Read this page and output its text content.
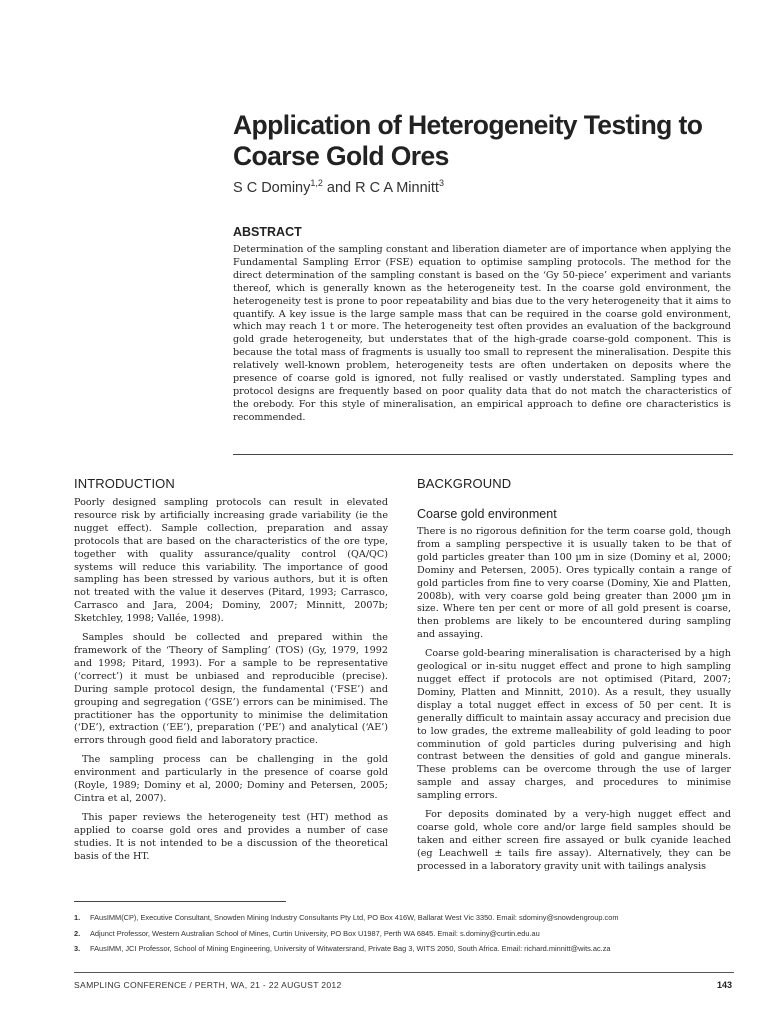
Application of Heterogeneity Testing to Coarse Gold Ores
S C Dominy$^{1,2}$ and R C A Minnitt$^3$
ABSTRACT
Determination of the sampling constant and liberation diameter are of importance when applying the Fundamental Sampling Error (FSE) equation to optimise sampling protocols. The method for the direct determination of the sampling constant is based on the ‘Gy 50-piece’ experiment and variants thereof, which is generally known as the heterogeneity test. In the coarse gold environment, the heterogeneity test is prone to poor repeatability and bias due to the very heterogeneity that it aims to quantify. A key issue is the large sample mass that can be required in the coarse gold environment, which may reach 1 t or more. The heterogeneity test often provides an evaluation of the background gold grade heterogeneity, but understates that of the high-grade coarse-gold component. This is because the total mass of fragments is usually too small to represent the mineralisation. Despite this relatively well-known problem, heterogeneity tests are often undertaken on deposits where the presence of coarse gold is ignored, not fully realised or vastly understated. Sampling types and protocol designs are frequently based on poor quality data that do not match the characteristics of the orebody. For this style of mineralisation, an empirical approach to define ore characteristics is recommended.
INTRODUCTION

Poorly designed sampling protocols can result in elevated resource risk by artificially increasing grade variability (ie the nugget effect). Sample collection, preparation and assay protocols that are based on the characteristics of the ore type, together with quality assurance/quality control (QA/QC) systems will reduce this variability. The importance of good sampling has been stressed by various authors, but it is often not treated with the value it deserves (Pitard, 1993; Carrasco, Carrasco and Jara, 2004; Dominy, 2007; Minnitt, 2007b; Sketchley, 1998; Vallée, 1998).

Samples should be collected and prepared within the framework of the ‘Theory of Sampling’ (TOS) (Gy, 1979, 1992 and 1998; Pitard, 1993). For a sample to be representative (‘correct’) it must be unbiased and reproducible (precise). During sample protocol design, the fundamental (‘FSE’) and grouping and segregation (‘GSE’) errors can be minimised. The practitioner has the opportunity to minimise the delimitation (‘DE’), extraction (‘EE’), preparation (‘PE’) and analytical (‘AE’) errors through good field and laboratory practice.

The sampling process can be challenging in the gold environment and particularly in the presence of coarse gold (Royle, 1989; Dominy et al, 2000; Dominy and Petersen, 2005; Cintra et al, 2007).

This paper reviews the heterogeneity test (HT) method as applied to coarse gold ores and provides a number of case studies. It is not intended to be a discussion of the theoretical basis of the HT.

BACKGROUND
Coarse gold environment

There is no rigorous definition for the term coarse gold, though from a sampling perspective it is usually taken to be that of gold particles greater than 100 µm in size (Dominy et al, 2000; Dominy and Petersen, 2005). Ores typically contain a range of gold particles from fine to very coarse (Dominy, Xie and Platten, 2008b), with very coarse gold being greater than 2000 µm in size. Where ten per cent or more of all gold present is coarse, then problems are likely to be encountered during sampling and assaying.

Coarse gold-bearing mineralisation is characterised by a high geological or in-situ nugget effect and prone to high sampling nugget effect if protocols are not optimised (Pitard, 2007; Dominy, Platten and Minnitt, 2010). As a result, they usually display a total nugget effect in excess of 50 per cent. It is generally difficult to maintain assay accuracy and precision due to low grades, the extreme malleability of gold leading to poor comminution of gold particles during pulverising and high contrast between the densities of gold and gangue minerals. These problems can be overcome through the use of larger sample and assay charges, and procedures to minimise sampling errors.

For deposits dominated by a very-high nugget effect and coarse gold, whole core and/or large field samples should be taken and either screen fire assayed or bulk cyanide leached (eg Leachwell ± tails fire assay). Alternatively, they can be processed in a laboratory gravity unit with tailings analysis

1.	FAusIMM(CP), Executive Consultant, Snowden Mining Industry Consultants Pty Ltd, PO Box 416W, Ballarat West Vic 3350. Email: sdominy@snowdengroup.com
2.	Adjunct Professor, Western Australian School of Mines, Curtin University, PO Box U1987, Perth WA 6845. Email: s.dominy@curtin.edu.au
3.	FAusIMM, JCI Professor, School of Mining Engineering, University of Witwatersrand, Private Bag 3, WITS 2050, South Africa. Email: richard.minnitt@wits.ac.za
SAMPLING CONFERENCE / PERTH, WA, 21 - 22 AUGUST 2012	143
